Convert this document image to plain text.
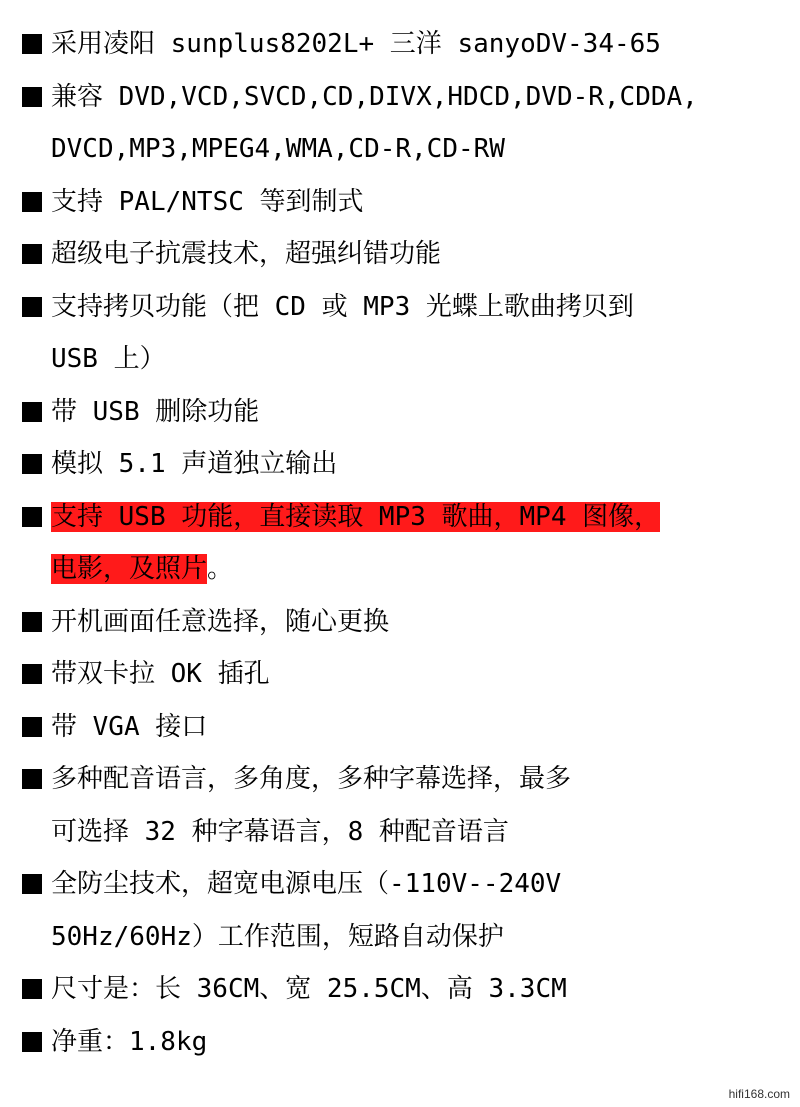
采用凌阳 sunplus8202L+ 三洋 sanyoDV-34-65
兼容 DVD,VCD,SVCD,CD,DIVX,HDCD,DVD-R,CDDA,
DVCD,MP3,MPEG4,WMA,CD-R,CD-RW
支持 PAL/NTSC 等到制式
超级电子抗震技术，超强纠错功能
支持拷贝功能（把 CD 或 MP3 光蝶上歌曲拷贝到
USB 上）
带 USB 删除功能
模拟 5.1 声道独立输出
支持 USB 功能，直接读取 MP3 歌曲，MP4 图像，
电影，及照片。
开机画面任意选择，随心更换
带双卡拉 OK 插孔
带 VGA 接口
多种配音语言，多角度，多种字幕选择，最多
可选择 32 种字幕语言，8 种配音语言
全防尘技术，超宽电源电压（-110V--240V
50Hz/60Hz）工作范围，短路自动保护
尺寸是：长 36CM、宽 25.5CM、高 3.3CM
净重：1.8kg
hifi168.com
